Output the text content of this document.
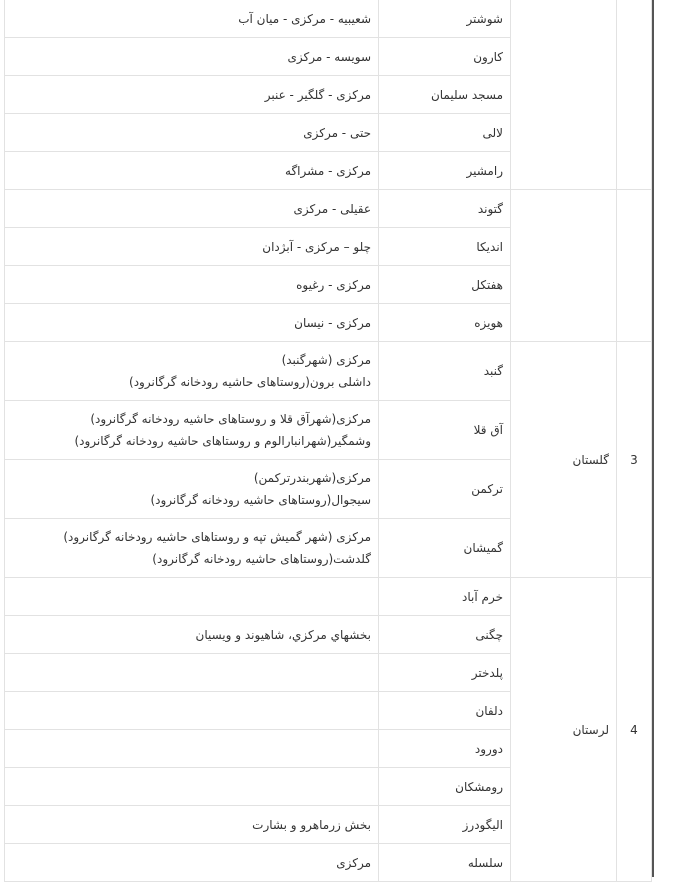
		شوشتر	شعیبیه - مرکزی - میان آب

		کارون	سویسه - مرکزی

		مسجد سلیمان	مرکزی - گلگیر - عنبر

		لالی	حتی - مرکزی

		رامشیر	مرکزی - مشراگه

		گتوند	عقیلی - مرکزی

		اندیکا	چلو – مرکزی - آبژدان

		هفتکل	مرکزی - رغیوه

		هویزه	مرکزی - نیسان

3	گلستان	گنبد	مرکزی (شهرگنبد)
داشلی برون(روستاهای حاشیه رودخانه گرگانرود)

		آق قلا	مرکزی(شهرآق قلا و روستاهای حاشیه رودخانه گرگانرود)
وشمگیر(شهرانبارالوم و روستاهای حاشیه رودخانه گرگانرود)

		ترکمن	مرکزی(شهربندرترکمن)
سیجوال(روستاهای حاشیه رودخانه گرگانرود)

		گمیشان	مرکزی (شهر گمیش تپه و روستاهای حاشیه رودخانه گرگانرود)
گلدشت(روستاهای حاشیه رودخانه گرگانرود)

4	لرستان	خرم آباد	

		چگنی	بخشهاي مرکزي، شاهيوند و ويسيان

		پلدختر	

		دلفان	

		دورود	

		رومشکان	

		الیگودرز	بخش زرماهرو و بشارت

		سلسله	مرکزی
